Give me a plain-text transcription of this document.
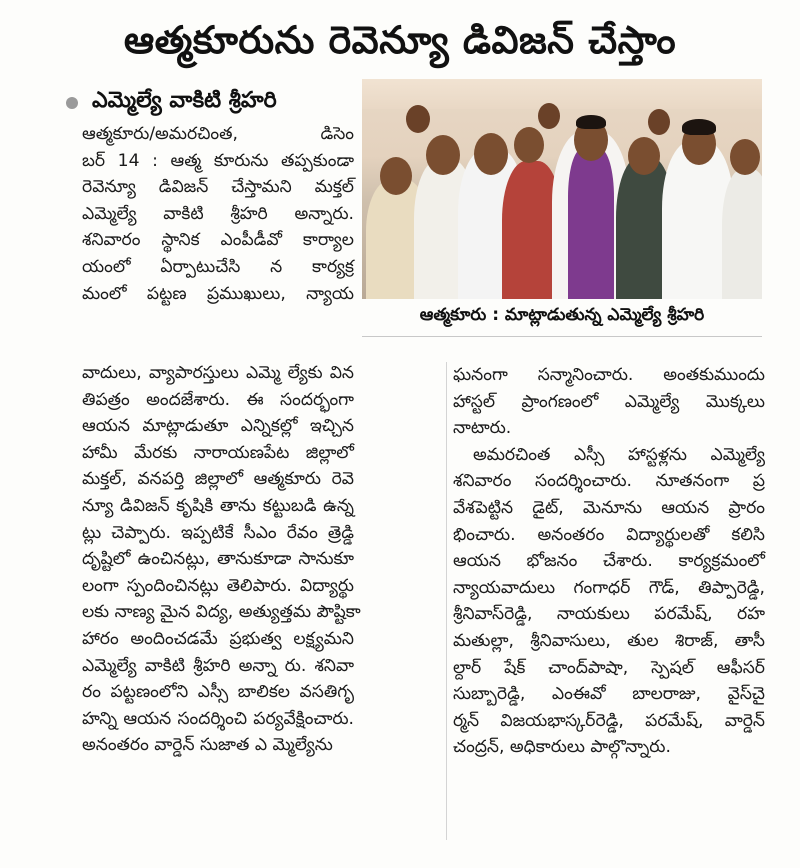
ఆత్మకూరును రెవెన్యూ డివిజన్ చేస్తాం
ఎమ్మెల్యే వాకిటి శ్రీహరి
ఆత్మకూరు : మాట్లాడుతున్న ఎమ్మెల్యే శ్రీహరి
ఆత్మకూరు/అమరచింత, డిసెం
బర్ 14 : ఆత్మ కూరును తప్పకుండా
రెవెన్యూ డివిజన్ చేస్తామని మక్తల్
ఎమ్మెల్యే వాకిటి శ్రీహరి అన్నారు.
శనివారం స్థానిక ఎంపీడీవో కార్యాల
యంలో ఏర్పాటుచేసి న కార్యక్ర
మంలో పట్టణ ప్రముఖులు, న్యాయ
వాదులు, వ్యాపారస్తులు ఎమ్మె ల్యేకు విన
తిపత్రం అందజేశారు. ఈ సందర్భంగా
ఆయన మాట్లాడుతూ ఎన్నికల్లో ఇచ్చిన
హామీ మేరకు నారాయణపేట జిల్లాలో
మక్తల్, వనపర్తి జిల్లాలో ఆత్మకూరు రెవె
న్యూ డివిజన్ కృషికి తాను కట్టుబడి ఉన్న
ట్లు చెప్పారు. ఇప్పటికే సీఎం రేవం త్రెడ్డి
దృష్టిలో ఉంచినట్లు, తానుకూడా సానుకూ
లంగా స్పందించినట్లు తెలిపారు. విద్యార్థు
లకు నాణ్య మైన విద్య, అత్యుత్తమ పౌష్టికా
హారం అందించడమే ప్రభుత్వ లక్ష్యమని
ఎమ్మెల్యే వాకిటి శ్రీహరి అన్నా రు. శనివా
రం పట్టణంలోని ఎస్సీ బాలికల వసతిగృ
హన్ని ఆయన సందర్శించి పర్యవేక్షించారు.
అనంతరం వార్డెన్ సుజాత ఎ మ్మెల్యేను
ఘనంగా సన్మానించారు. అంతకుముందు
హాస్టల్ ప్రాంగణంలో ఎమ్మెల్యే మొక్కలు
నాటారు.
అమరచింత ఎస్సీ హాస్టళ్లను ఎమ్మెల్యే
శనివారం సందర్శించారు. నూతనంగా ప్ర
వేశపెట్టిన డైట్, మెనూను ఆయన ప్రారం
భించారు. అనంతరం విద్యార్థులతో కలిసి
ఆయన భోజనం చేశారు. కార్యక్రమంలో
న్యాయవాదులు గంగాధర్ గౌడ్, తిప్పారెడ్డి,
శ్రీనివాస్‌రెడ్డి, నాయకులు పరమేష్, రహ
మతుల్లా, శ్రీనివాసులు, తుల శిరాజ్, తాసీ
ల్దార్ షేక్ చాంద్‌పాషా, స్పెషల్ ఆఫీసర్
సుబ్బారెడ్డి, ఎంఈవో బాలరాజు, వైస్‌చై
ర్మన్ విజయభాస్కర్‌రెడ్డి, పరమేష్, వార్డెన్
చంద్రన్, అధికారులు పాల్గొన్నారు.
